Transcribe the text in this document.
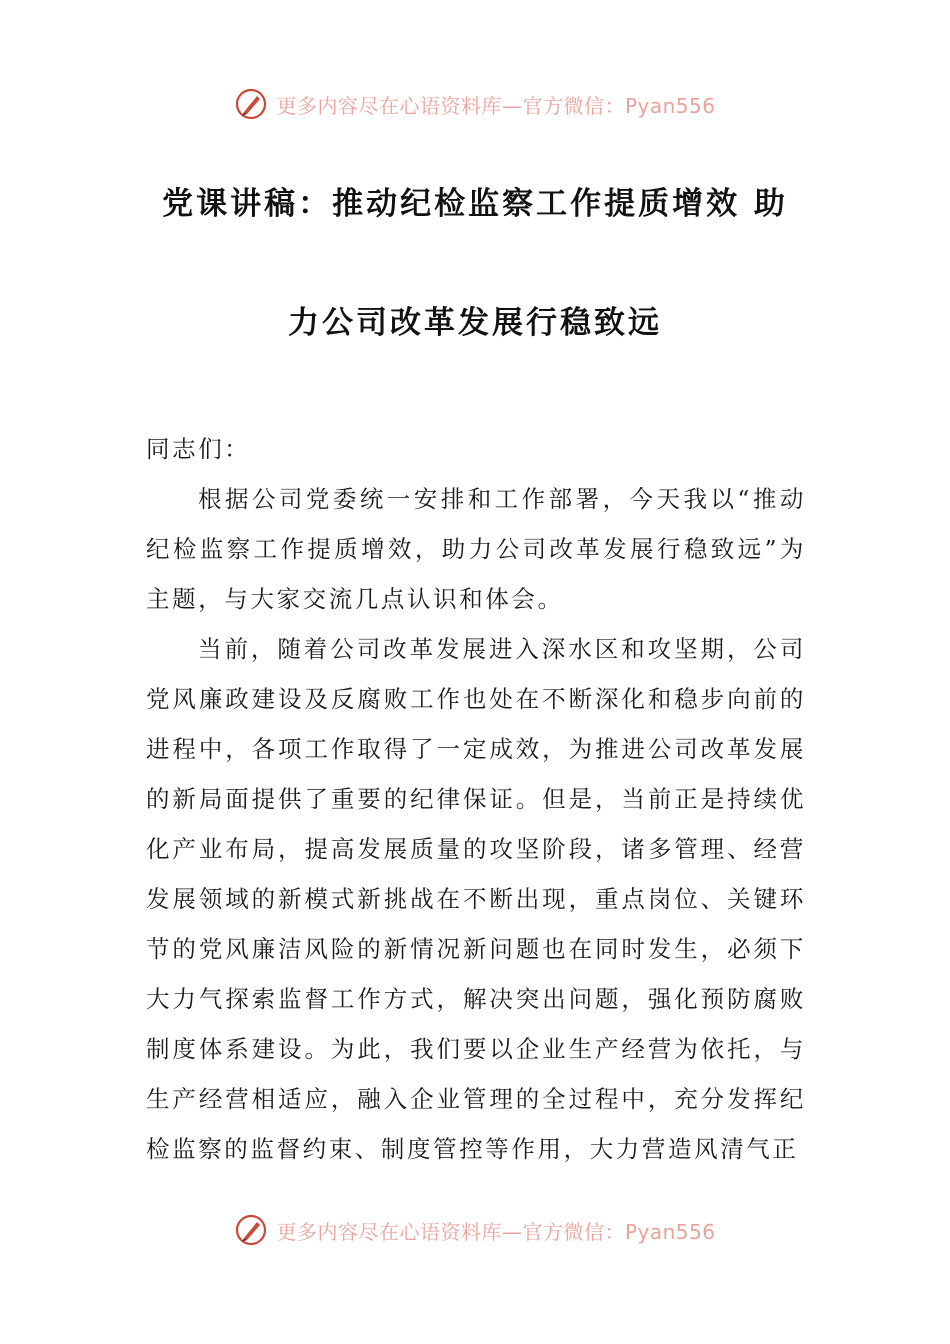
更多内容尽在心语资料库—官方微信：Pyan556
党课讲稿：推动纪检监察工作提质增效 助
力公司改革发展行稳致远

同志们：

根据公司党委统一安排和工作部署，今天我以“推动纪检监察工作提质增效，助力公司改革发展行稳致远”为主题，与大家交流几点认识和体会。

当前，随着公司改革发展进入深水区和攻坚期，公司党风廉政建设及反腐败工作也处在不断深化和稳步向前的进程中，各项工作取得了一定成效，为推进公司改革发展的新局面提供了重要的纪律保证。但是，当前正是持续优化产业布局，提高发展质量的攻坚阶段，诸多管理、经营发展领域的新模式新挑战在不断出现，重点岗位、关键环节的党风廉洁风险的新情况新问题也在同时发生，必须下大力气探索监督工作方式，解决突出问题，强化预防腐败制度体系建设。为此，我们要以企业生产经营为依托，与生产经营相适应，融入企业管理的全过程中，充分发挥纪检监察的监督约束、制度管控等作用，大力营造风清气正

更多内容尽在心语资料库—官方微信：Pyan556
